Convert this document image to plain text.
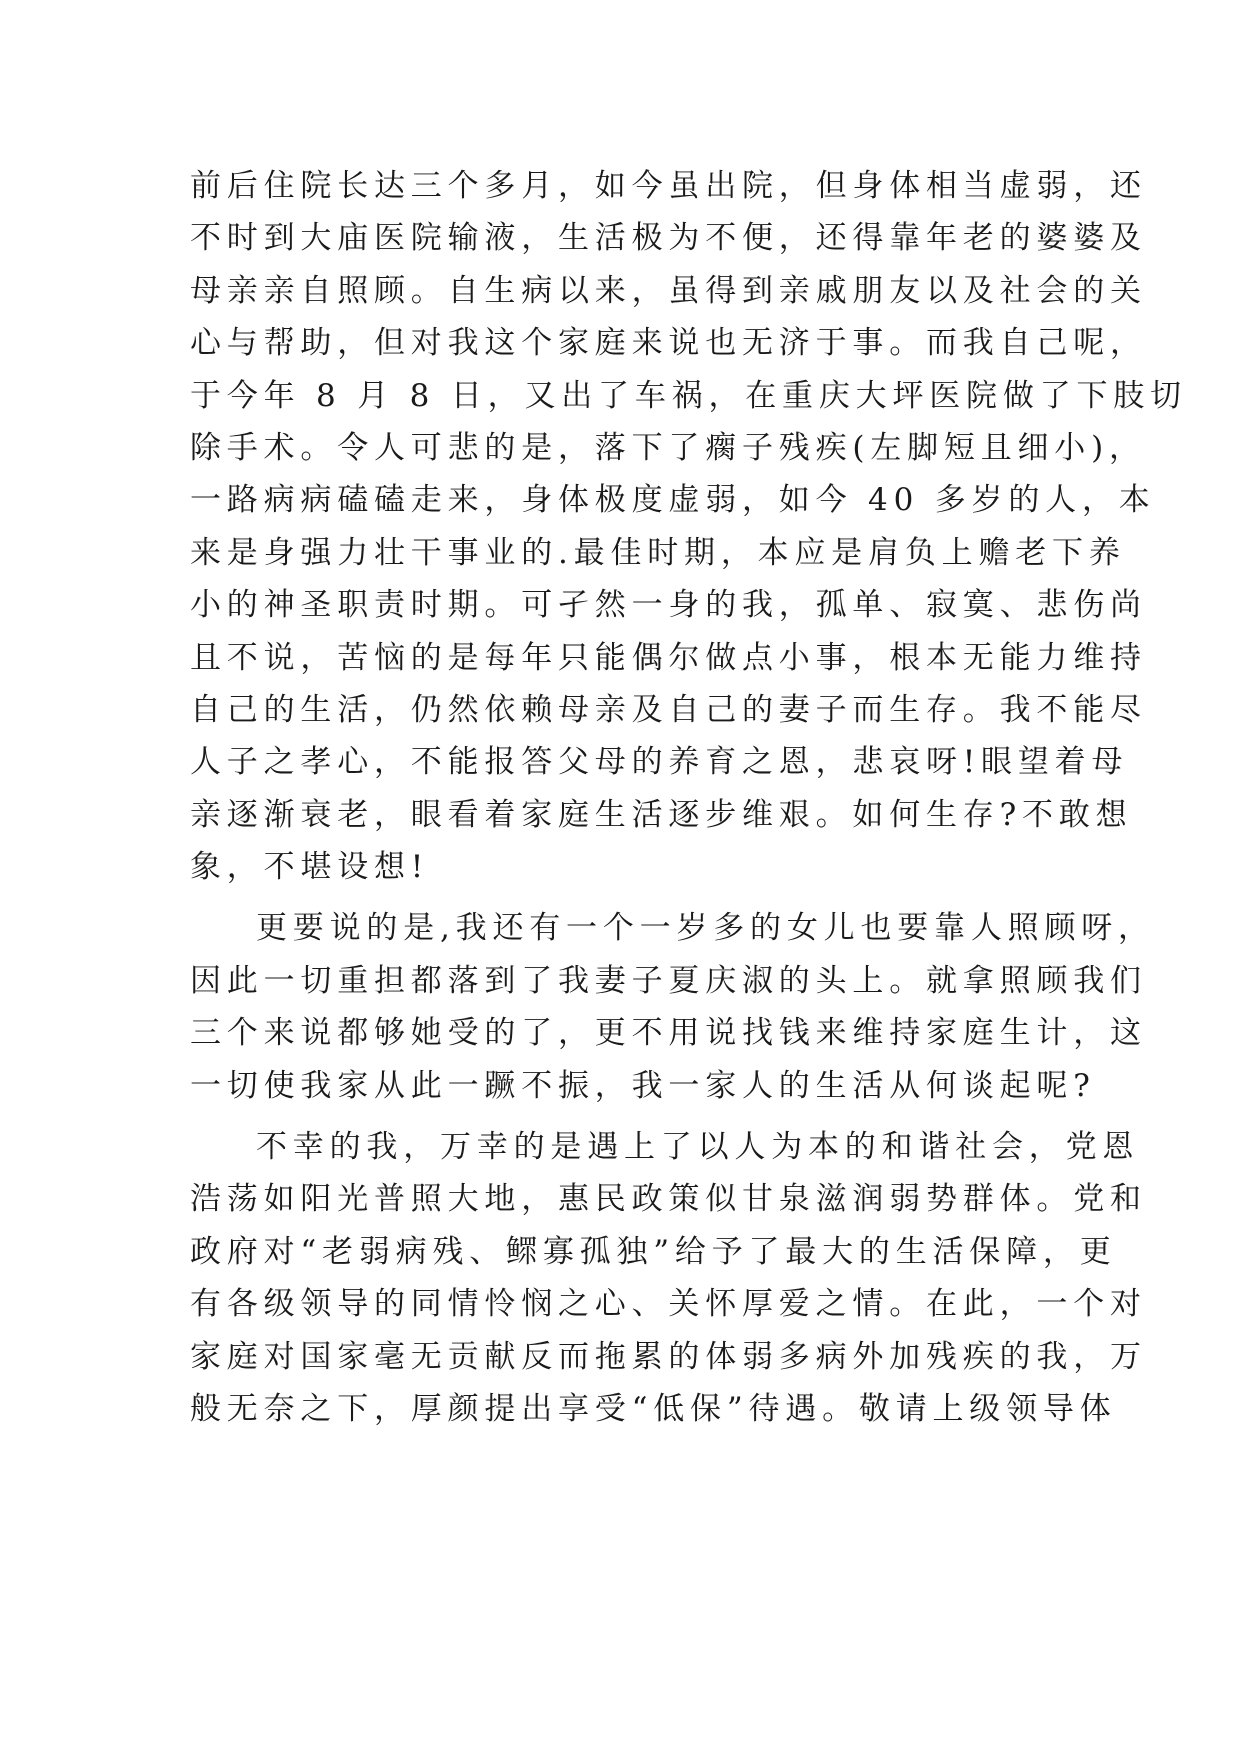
前后住院长达三个多月，如今虽出院，但身体相当虚弱，还
不时到大庙医院输液，生活极为不便，还得靠年老的婆婆及
母亲亲自照顾。自生病以来，虽得到亲戚朋友以及社会的关
心与帮助，但对我这个家庭来说也无济于事。而我自己呢，
于今年 8 月 8 日，又出了车祸，在重庆大坪医院做了下肢切
除手术。令人可悲的是，落下了瘸子残疾(左脚短且细小)，
一路病病磕磕走来，身体极度虚弱，如今 40 多岁的人，本
来是身强力壮干事业的.最佳时期，本应是肩负上赡老下养
小的神圣职责时期。可孑然一身的我，孤单、寂寞、悲伤尚
且不说，苦恼的是每年只能偶尔做点小事，根本无能力维持
自己的生活，仍然依赖母亲及自己的妻子而生存。我不能尽
人子之孝心，不能报答父母的养育之恩，悲哀呀!眼望着母
亲逐渐衰老，眼看着家庭生活逐步维艰。如何生存?不敢想
象，不堪设想!
更要说的是,我还有一个一岁多的女儿也要靠人照顾呀，
因此一切重担都落到了我妻子夏庆淑的头上。就拿照顾我们
三个来说都够她受的了，更不用说找钱来维持家庭生计，这
一切使我家从此一蹶不振，我一家人的生活从何谈起呢?
不幸的我，万幸的是遇上了以人为本的和谐社会，党恩
浩荡如阳光普照大地，惠民政策似甘泉滋润弱势群体。党和
政府对“老弱病残、鳏寡孤独”给予了最大的生活保障，更
有各级领导的同情怜悯之心、关怀厚爱之情。在此，一个对
家庭对国家毫无贡献反而拖累的体弱多病外加残疾的我，万
般无奈之下，厚颜提出享受“低保”待遇。敬请上级领导体
